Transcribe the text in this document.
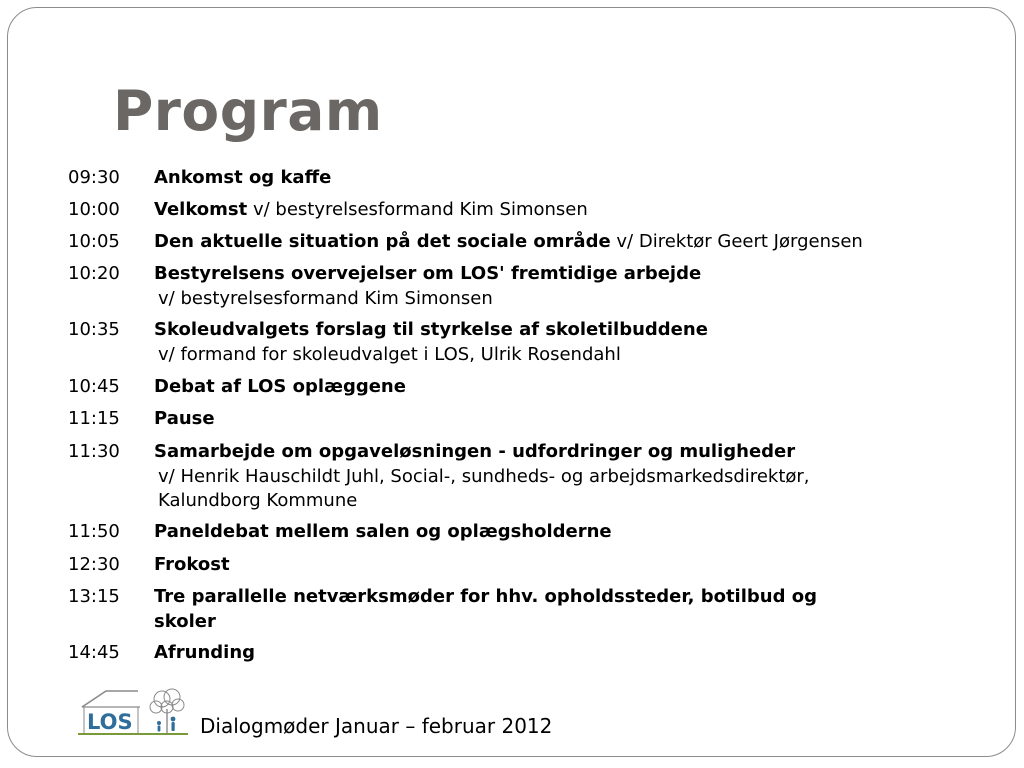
Program
09:30	Ankomst og kaffe
10:00	Velkomst v/ bestyrelsesformand Kim Simonsen
10:05	Den aktuelle situation på det sociale område v/ Direktør Geert Jørgensen
10:20	Bestyrelsens overvejelser om LOS' fremtidige arbejde
v/ bestyrelsesformand Kim Simonsen
10:35	Skoleudvalgets forslag til styrkelse af skoletilbuddene
v/ formand for skoleudvalget i LOS, Ulrik Rosendahl
10:45	Debat af LOS oplæggene
11:15	Pause
11:30	Samarbejde om opgaveløsningen - udfordringer og muligheder
v/ Henrik Hauschildt Juhl, Social-, sundheds- og arbejdsmarkedsdirektør,
Kalundborg Kommune
11:50	Paneldebat mellem salen og oplægsholderne
12:30	Frokost
13:15	Tre parallelle netværksmøder for hhv. opholdssteder, botilbud og
skoler
14:45	Afrunding
LOS	Dialogmøder Januar – februar 2012
